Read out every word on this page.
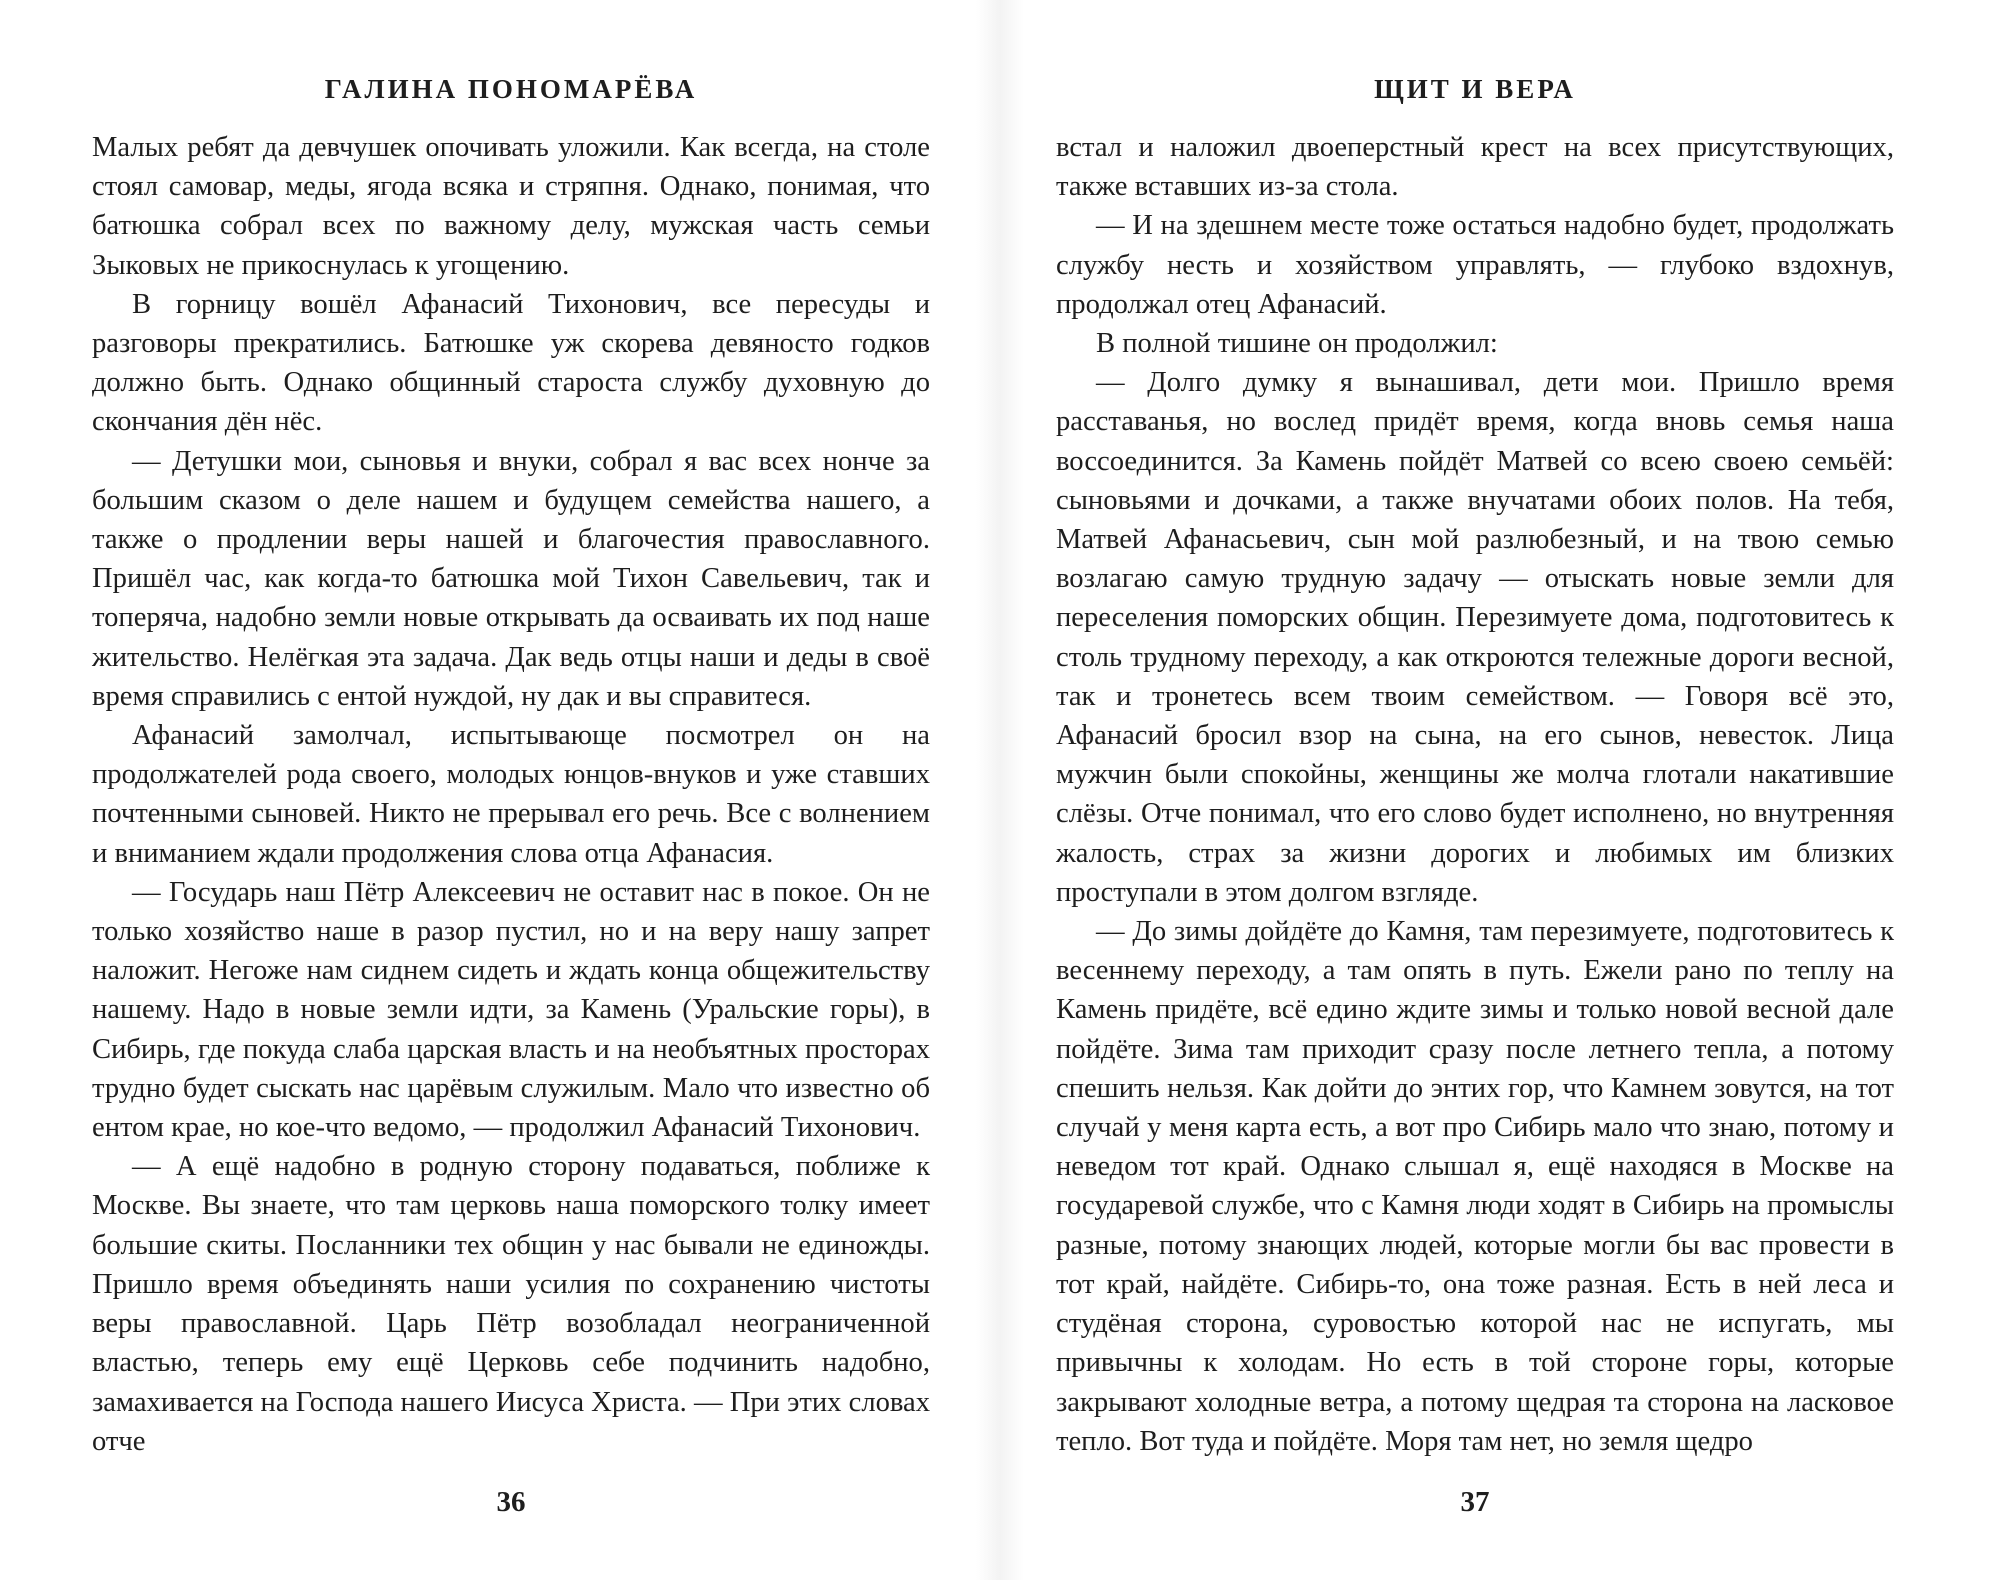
ГАЛИНА ПОНОМАРЁВА

Малых ребят да девчушек опочивать уложили. Как всегда, на столе стоял самовар, меды, ягода всяка и стряпня. Однако, понимая, что батюшка собрал всех по важному делу, мужская часть семьи Зыковых не прикоснулась к угощению.

В горницу вошёл Афанасий Тихонович, все пересуды и разговоры прекратились. Батюшке уж скорева девяносто годков должно быть. Однако общинный староста службу духовную до скончания дён нёс.

— Детушки мои, сыновья и внуки, собрал я вас всех нонче за большим сказом о деле нашем и будущем семейства нашего, а также о продлении веры нашей и благочестия православного. Пришёл час, как когда-то батюшка мой Тихон Савельевич, так и топеряча, надобно земли новые открывать да осваивать их под наше жительство. Нелёгкая эта задача. Дак ведь отцы наши и деды в своё время справились с ентой нуждой, ну дак и вы справитеся.

Афанасий замолчал, испытывающе посмотрел он на продолжателей рода своего, молодых юнцов-внуков и уже ставших почтенными сыновей. Никто не прерывал его речь. Все с волнением и вниманием ждали продолжения слова отца Афанасия.

— Государь наш Пётр Алексеевич не оставит нас в покое. Он не только хозяйство наше в разор пустил, но и на веру нашу запрет наложит. Негоже нам сиднем сидеть и ждать конца общежительству нашему. Надо в новые земли идти, за Камень (Уральские горы), в Сибирь, где покуда слаба царская власть и на необъятных просторах трудно будет сыскать нас царёвым служилым. Мало что известно об ентом крае, но кое-что ведомо, — продолжил Афанасий Тихонович.

— А ещё надобно в родную сторону подаваться, поближе к Москве. Вы знаете, что там церковь наша поморского толку имеет большие скиты. Посланники тех общин у нас бывали не единожды. Пришло время объединять наши усилия по сохранению чистоты веры православной. Царь Пётр возобладал неограниченной властью, теперь ему ещё Церковь себе подчинить надобно, замахивается на Господа нашего Иисуса Христа. — При этих словах отче

36
ЩИТ И ВЕРА

встал и наложил двоеперстный крест на всех присутствующих, также вставших из-за стола.

— И на здешнем месте тоже остаться надобно будет, продолжать службу несть и хозяйством управлять, — глубоко вздохнув, продолжал отец Афанасий.

В полной тишине он продолжил:

— Долго думку я вынашивал, дети мои. Пришло время расставанья, но вослед придёт время, когда вновь семья наша воссоединится. За Камень пойдёт Матвей со всею своею семьёй: сыновьями и дочками, а также внучатами обоих полов. На тебя, Матвей Афанасьевич, сын мой разлюбезный, и на твою семью возлагаю самую трудную задачу — отыскать новые земли для переселения поморских общин. Перезимуете дома, подготовитесь к столь трудному переходу, а как откроются тележные дороги весной, так и тронетесь всем твоим семейством. — Говоря всё это, Афанасий бросил взор на сына, на его сынов, невесток. Лица мужчин были спокойны, женщины же молча глотали накатившие слёзы. Отче понимал, что его слово будет исполнено, но внутренняя жалость, страх за жизни дорогих и любимых им близких проступали в этом долгом взгляде.

— До зимы дойдёте до Камня, там перезимуете, подготовитесь к весеннему переходу, а там опять в путь. Ежели рано по теплу на Камень придёте, всё едино ждите зимы и только новой весной дале пойдёте. Зима там приходит сразу после летнего тепла, а потому спешить нельзя. Как дойти до энтих гор, что Камнем зовутся, на тот случай у меня карта есть, а вот про Сибирь мало что знаю, потому и неведом тот край. Однако слышал я, ещё находяся в Москве на государевой службе, что с Камня люди ходят в Сибирь на промыслы разные, потому знающих людей, которые могли бы вас провести в тот край, найдёте. Сибирь-то, она тоже разная. Есть в ней леса и студёная сторона, суровостью которой нас не испугать, мы привычны к холодам. Но есть в той стороне горы, которые закрывают холодные ветра, а потому щедрая та сторона на ласковое тепло. Вот туда и пойдёте. Моря там нет, но земля щедро

37
